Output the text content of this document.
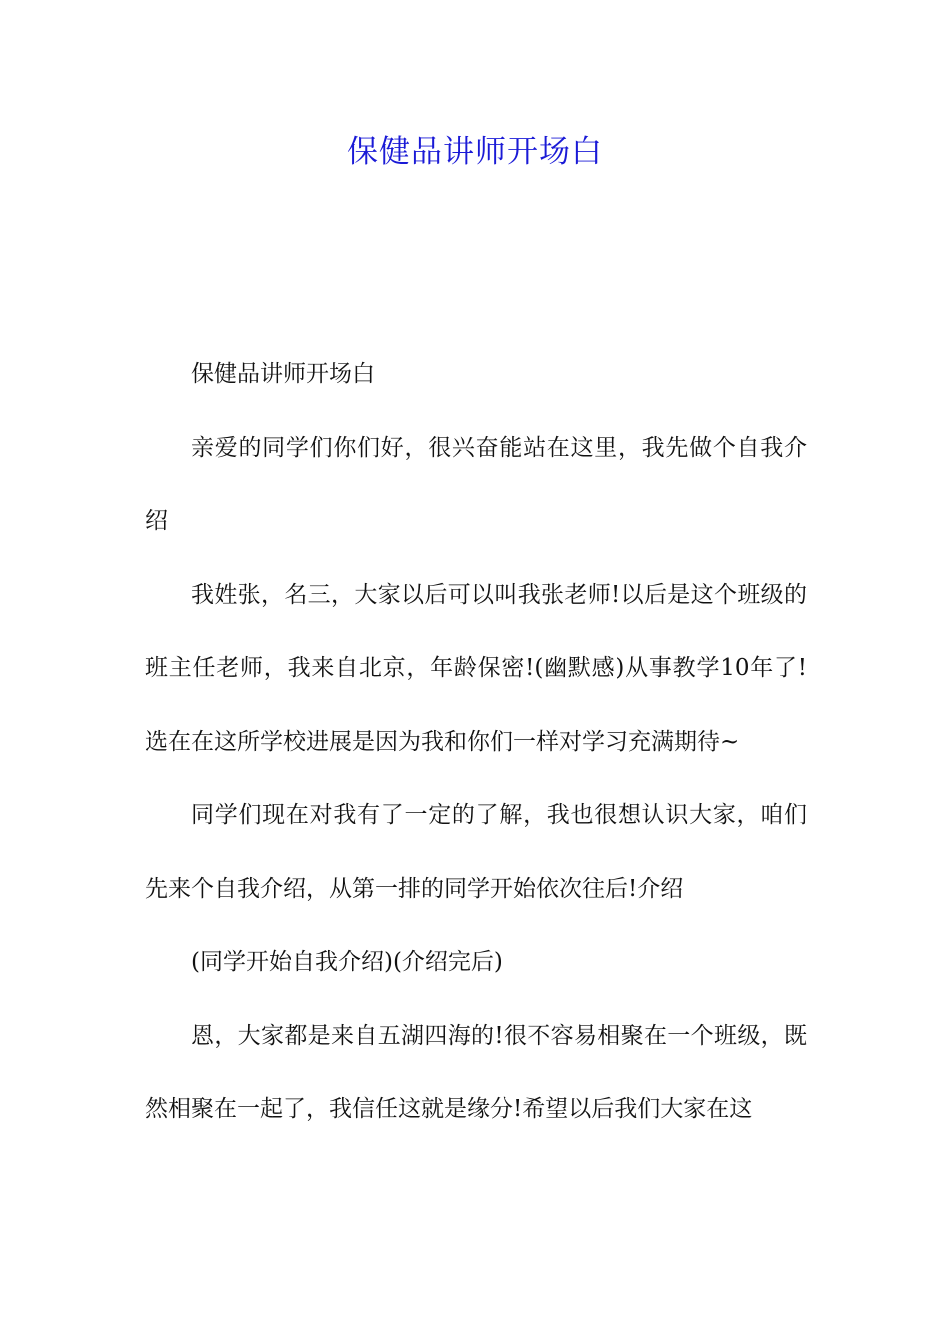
保健品讲师开场白

保健品讲师开场白

亲爱的同学们你们好，很兴奋能站在这里，我先做个自我介绍

我姓张，名三，大家以后可以叫我张老师!以后是这个班级的班主任老师，我来自北京，年龄保密!(幽默感)从事教学10年了!选在在这所学校进展是因为我和你们一样对学习充满期待~

同学们现在对我有了一定的了解，我也很想认识大家，咱们先来个自我介绍，从第一排的同学开始依次往后!介绍

(同学开始自我介绍)(介绍完后)

恩，大家都是来自五湖四海的!很不容易相聚在一个班级，既然相聚在一起了，我信任这就是缘分!希望以后我们大家在这
